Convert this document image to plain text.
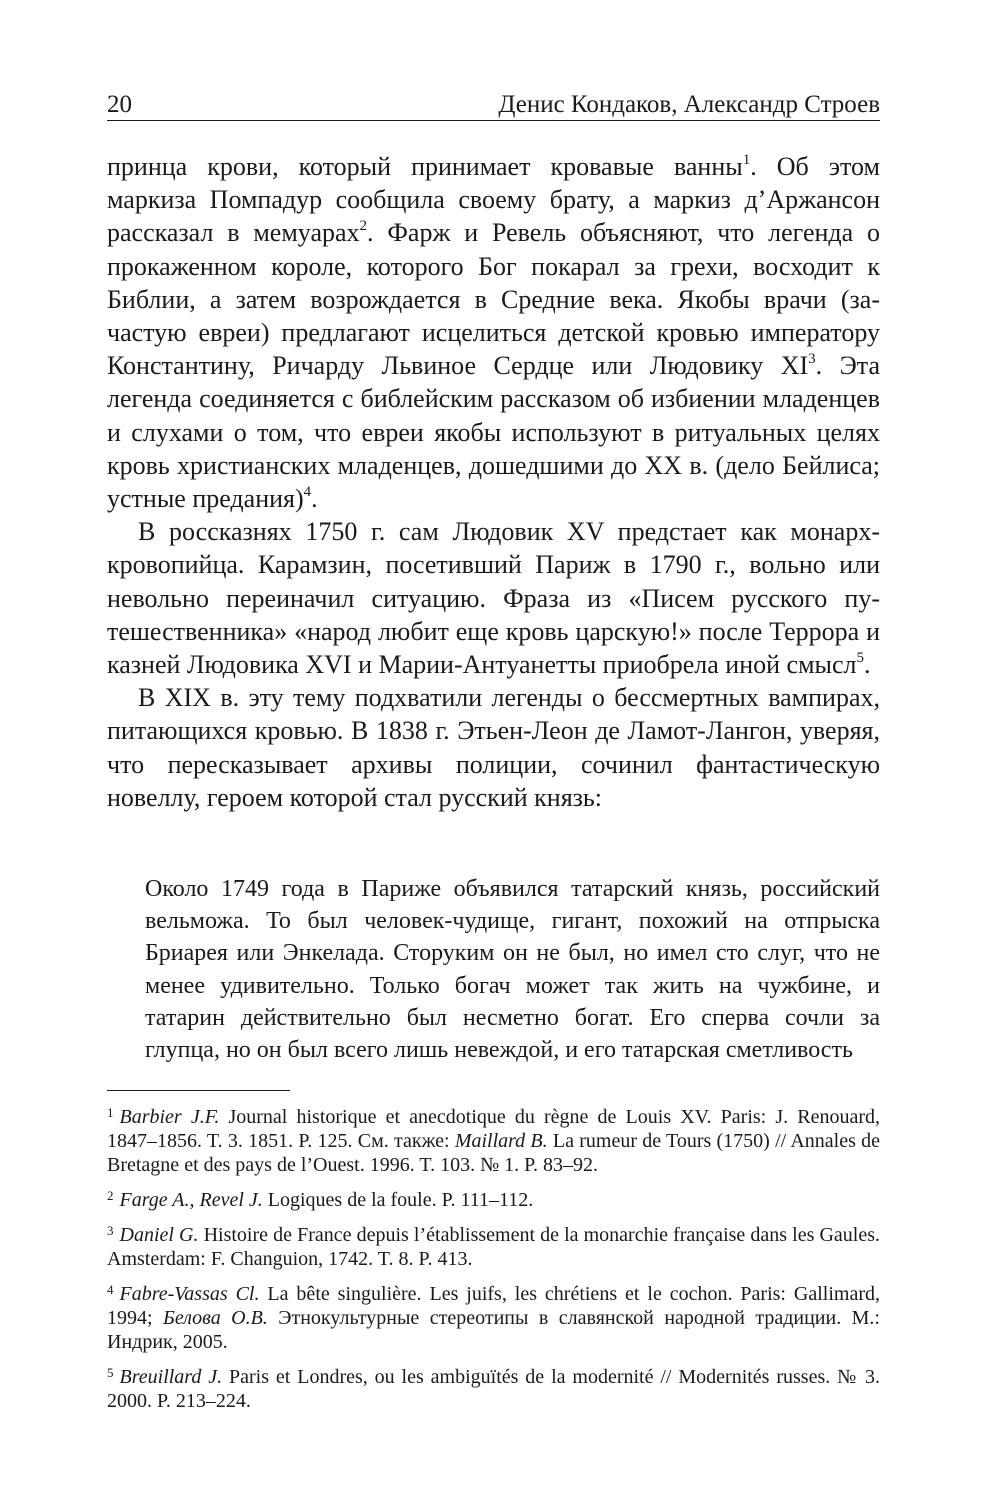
20	Денис Кондаков, Александр Строев

принца крови, который принимает кровавые ванны$^1$. Об этом маркиза Помпадур сообщила своему брату, а маркиз д’Аржансон рассказал в мемуарах$^2$. Фарж и Ревель объясняют, что легенда о прокаженном короле, которого Бог покарал за грехи, восходит к Библии, а затем возрождается в Средние века. Якобы врачи (зачастую евреи) предлагают исцелиться детской кровью императору Константину, Ричарду Львиное Сердце или Людовику $XI^3$. Эта легенда соединяется с библейским рассказом об избиении младенцев и слухами о том, что евреи якобы используют в ритуальных целях кровь христианских младенцев, дошедшими до XX в. (дело Бейлиса; устные предания)$^4$.

В россказнях 1750 г. сам Людовик XV предстает как монарх-кровопийца. Карамзин, посетивший Париж в 1790 г., вольно или невольно переиначил ситуацию. Фраза из «Писем русского путешественника» «народ любит еще кровь царскую!» после Террора и казней Людовика XVI и Марии-Антуанетты приобрела иной смысл$^5$.

В XIX в. эту тему подхватили легенды о бессмертных вампирах, питающихся кровью. В 1838 г. Этьен-Леон де Ламот-Лангон, уверяя, что пересказывает архивы полиции, сочинил фантастическую новеллу, героем которой стал русский князь:

Около 1749 года в Париже объявился татарский князь, российский вельможа. То был человек-чудище, гигант, похожий на отпрыска Бриарея или Энкелада. Сторуким он не был, но имел сто слуг, что не менее удивительно. Только богач может так жить на чужбине, и татарин действительно был несметно богат. Его сперва сочли за глупца, но он был всего лишь невеждой, и его татарская сметливость

$^1$ Barbier J.F. Journal historique et anecdotique du règne de Louis XV. Paris: J. Renouard, 1847–1856. T. 3. 1851. P. 125. См. также: Maillard B. La rumeur de Tours (1750) // Annales de Bretagne et des pays de l’Ouest. 1996. T. 103. № 1. P. 83–92.

$^2$ Farge A., Revel J. Logiques de la foule. P. 111–112.

$^3$ Daniel G. Histoire de France depuis l’établissement de la monarchie française dans les Gaules. Amsterdam: F. Changuion, 1742. T. 8. P. 413.

$^4$ Fabre-Vassas Cl. La bête singulière. Les juifs, les chrétiens et le cochon. Paris: Gallimard, 1994; Белова О.В. Этнокультурные стереотипы в славянской народной традиции. М.: Индрик, 2005.

$^5$ Breuillard J. Paris et Londres, ou les ambiguïtés de la modernité // Modernités russes. № 3. 2000. P. 213–224.
